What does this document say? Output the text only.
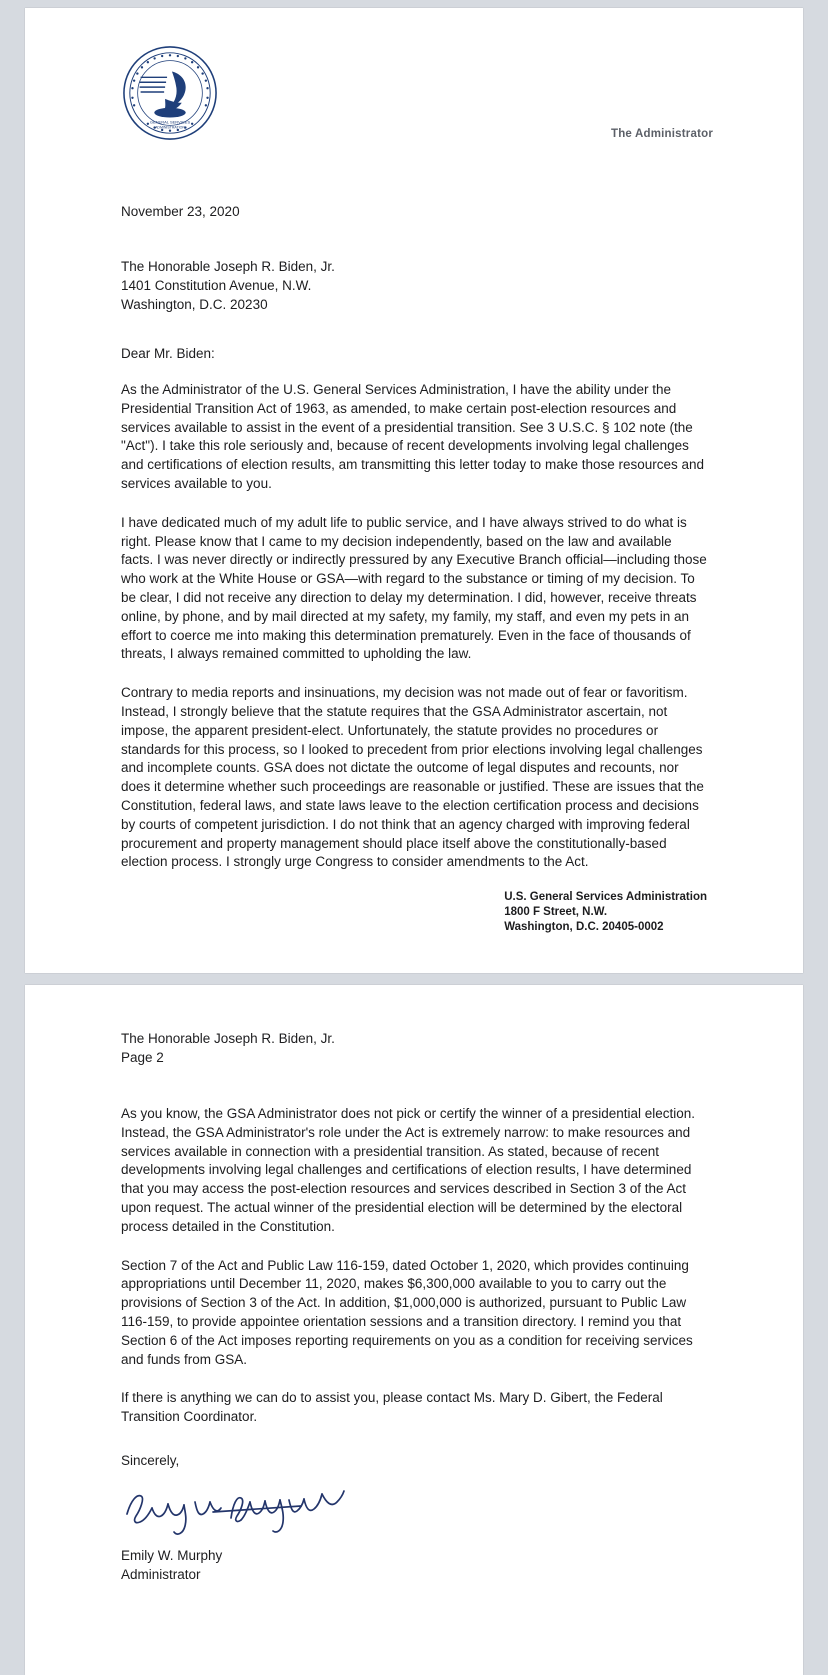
GENERAL SERVICES
ADMINISTRATION
The Administrator
November 23, 2020
The Honorable Joseph R. Biden, Jr.
1401 Constitution Avenue, N.W.
Washington, D.C. 20230
Dear Mr. Biden:

As the Administrator of the U.S. General Services Administration, I have the ability under the Presidential Transition Act of 1963, as amended, to make certain post-election resources and services available to assist in the event of a presidential transition. See 3 U.S.C. § 102 note (the "Act"). I take this role seriously and, because of recent developments involving legal challenges and certifications of election results, am transmitting this letter today to make those resources and services available to you.

I have dedicated much of my adult life to public service, and I have always strived to do what is right. Please know that I came to my decision independently, based on the law and available facts. I was never directly or indirectly pressured by any Executive Branch official—including those who work at the White House or GSA—with regard to the substance or timing of my decision. To be clear, I did not receive any direction to delay my determination. I did, however, receive threats online, by phone, and by mail directed at my safety, my family, my staff, and even my pets in an effort to coerce me into making this determination prematurely. Even in the face of thousands of threats, I always remained committed to upholding the law.

Contrary to media reports and insinuations, my decision was not made out of fear or favoritism. Instead, I strongly believe that the statute requires that the GSA Administrator ascertain, not impose, the apparent president-elect. Unfortunately, the statute provides no procedures or standards for this process, so I looked to precedent from prior elections involving legal challenges and incomplete counts. GSA does not dictate the outcome of legal disputes and recounts, nor does it determine whether such proceedings are reasonable or justified. These are issues that the Constitution, federal laws, and state laws leave to the election certification process and decisions by courts of competent jurisdiction. I do not think that an agency charged with improving federal procurement and property management should place itself above the constitutionally-based election process. I strongly urge Congress to consider amendments to the Act.

U.S. General Services Administration
1800 F Street, N.W.
Washington, D.C. 20405-0002
The Honorable Joseph R. Biden, Jr.
Page 2

As you know, the GSA Administrator does not pick or certify the winner of a presidential election. Instead, the GSA Administrator's role under the Act is extremely narrow: to make resources and services available in connection with a presidential transition. As stated, because of recent developments involving legal challenges and certifications of election results, I have determined that you may access the post-election resources and services described in Section 3 of the Act upon request. The actual winner of the presidential election will be determined by the electoral process detailed in the Constitution.

Section 7 of the Act and Public Law 116-159, dated October 1, 2020, which provides continuing appropriations until December 11, 2020, makes $6,300,000 available to you to carry out the provisions of Section 3 of the Act. In addition, $1,000,000 is authorized, pursuant to Public Law 116-159, to provide appointee orientation sessions and a transition directory. I remind you that Section 6 of the Act imposes reporting requirements on you as a condition for receiving services and funds from GSA.

If there is anything we can do to assist you, please contact Ms. Mary D. Gibert, the Federal Transition Coordinator.

Sincerely,
Emily W. Murphy
Administrator
